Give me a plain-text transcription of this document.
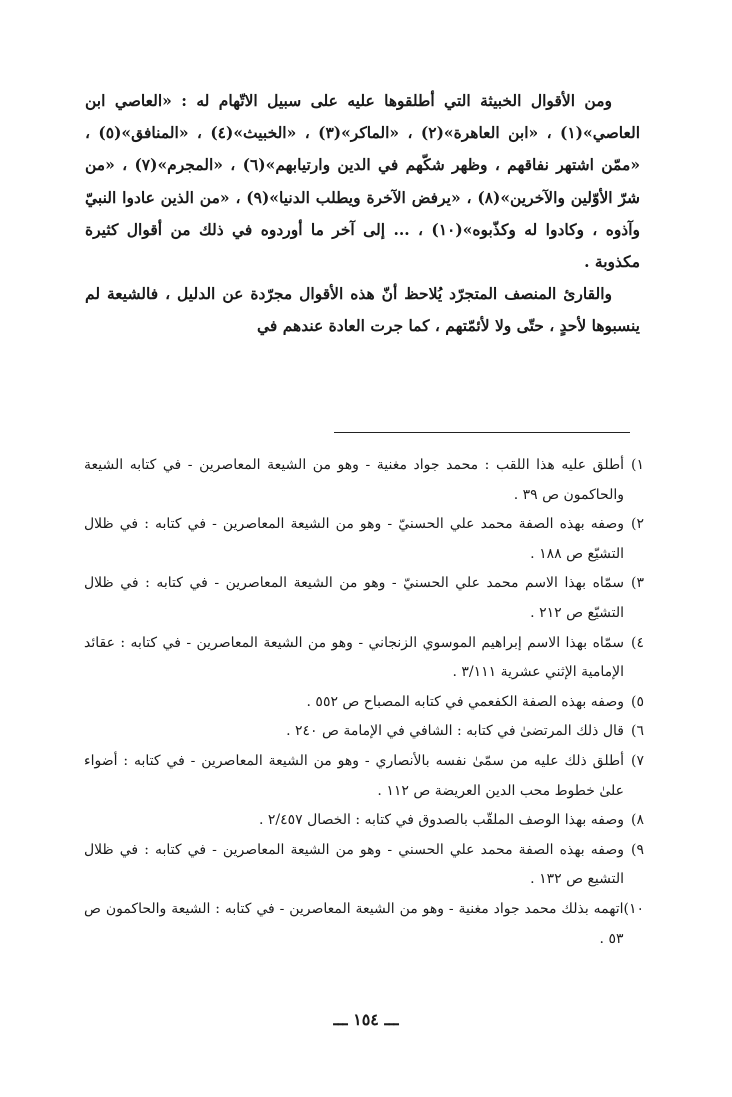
ومن الأقوال الخبيثة التي أطلقوها عليه على سبيل الاتّهام له : «العاصي ابن العاصي»(١) ، «ابن العاهرة»(٢) ، «الماكر»(٣) ، «الخبيث»(٤) ، «المنافق»(٥) ، «ممّن اشتهر نفاقهم ، وظهر شكّهم في الدين وارتيابهم»(٦) ، «المجرم»(٧) ، «من شرّ الأوّلين والآخرين»(٨) ، «يرفض الآخرة ويطلب الدنيا»(٩) ، «من الذين عادوا النبيّ وآذوه ، وكادوا له وكذّبوه»(١٠) ، ... إلى آخر ما أوردوه في ذلك من أقوال كثيرة مكذوبة .

والقارئ المنصف المتجرّد يُلاحظ أنّ هذه الأقوال مجرّدة عن الدليل ، فالشيعة لم ينسبوها لأحدٍ ، حتّى ولا لأئمّتهم ، كما جرت العادة عندهم في

١)
أطلق عليه هذا اللقب : محمد جواد مغنية - وهو من الشيعة المعاصرين - في كتابه الشيعة والحاكمون ص ٣٩ .
٢)
وصفه بهذه الصفة محمد علي الحسنيّ - وهو من الشيعة المعاصرين - في كتابه : في ظلال التشيّع ص ١٨٨ .
٣)
سمّاه بهذا الاسم محمد علي الحسنيّ - وهو من الشيعة المعاصرين - في كتابه : في ظلال التشيّع ص ٢١٢ .
٤)
سمّاه بهذا الاسم إبراهيم الموسوي الزنجاني - وهو من الشيعة المعاصرين - في كتابه : عقائد الإمامية الإثني عشرية ٣/١١١ .
٥)
وصفه بهذه الصفة الكفعمي في كتابه المصباح ص ٥٥٢ .
٦)
قال ذلك المرتضىٰ في كتابه : الشافي في الإمامة ص ٢٤٠ .
٧)
أطلق ذلك عليه من سمّىٰ نفسه بالأنصاري - وهو من الشيعة المعاصرين - في كتابه : أضواء علىٰ خطوط محب الدين العريضة ص ١١٢ .
٨)
وصفه بهذا الوصف الملقّب بالصدوق في كتابه : الخصال ٢/٤٥٧ .
٩)
وصفه بهذه الصفة محمد علي الحسني - وهو من الشيعة المعاصرين - في كتابه : في ظلال التشيع ص ١٣٢ .
١٠)
اتهمه بذلك محمد جواد مغنية - وهو من الشيعة المعاصرين - في كتابه : الشيعة والحاكمون ص ٥٣ .
ـــ ١٥٤ ـــ
